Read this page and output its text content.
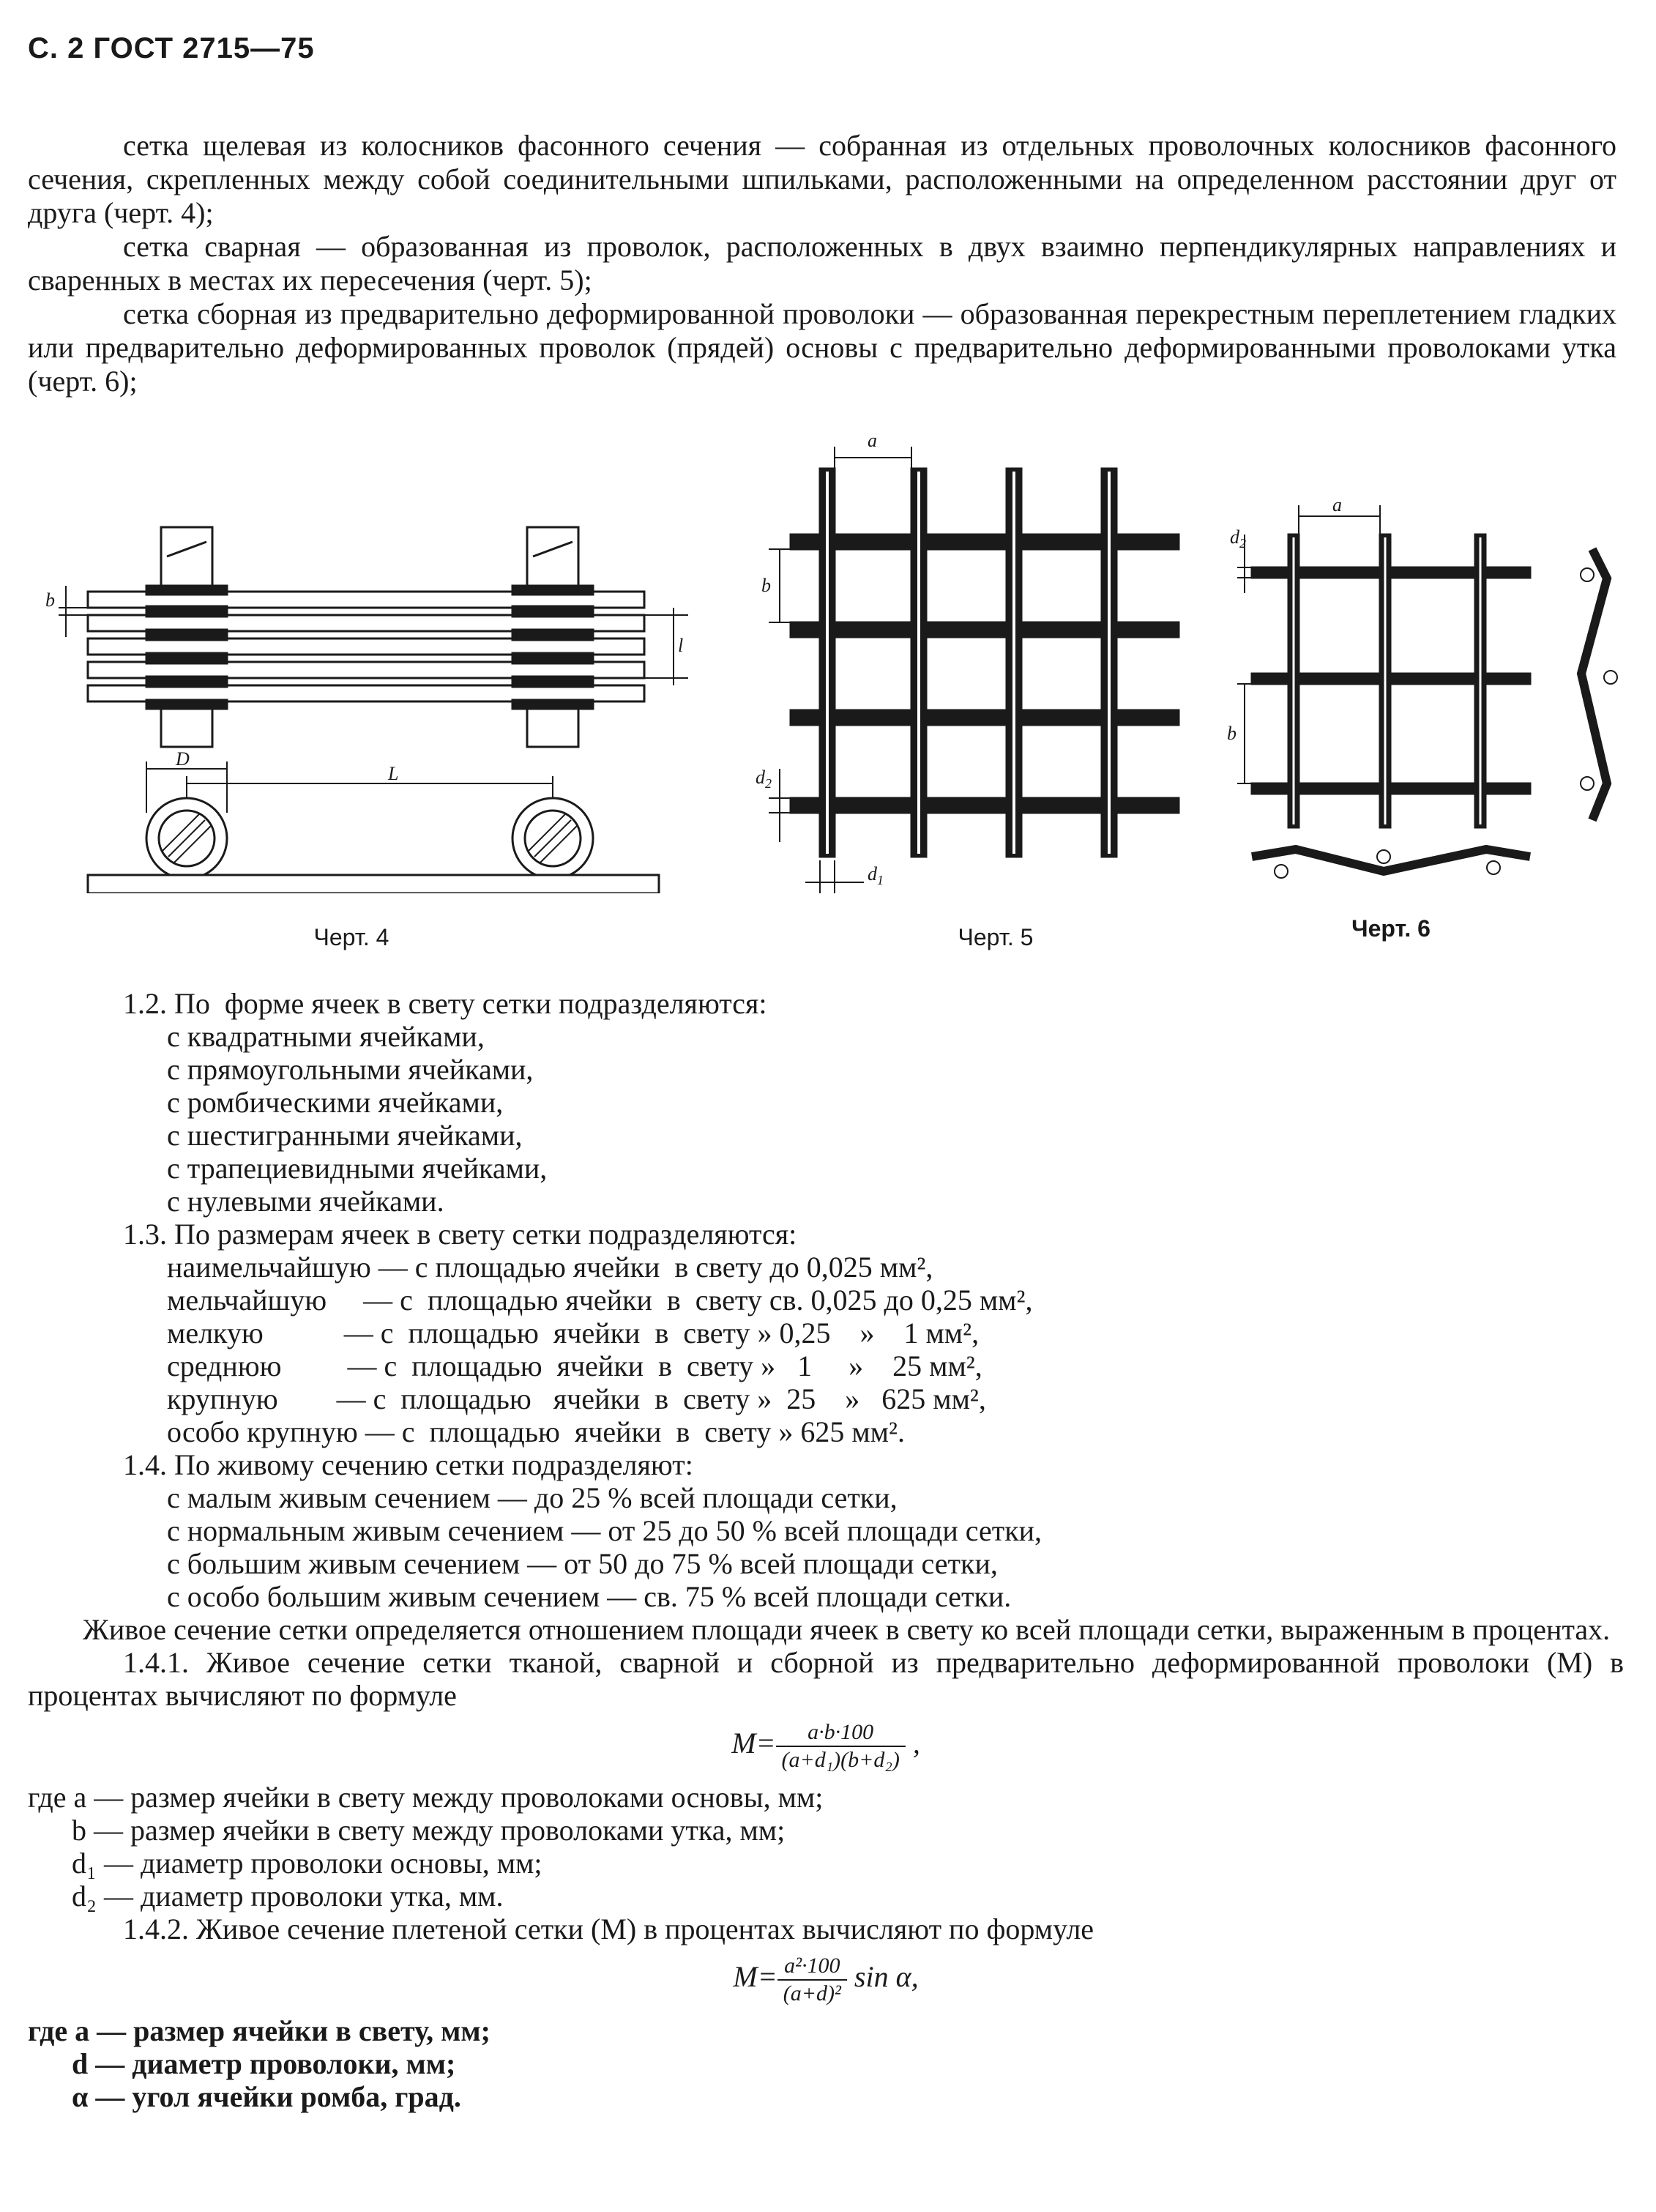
С. 2 ГОСТ 2715—75

сетка щелевая из колосников фасонного сечения — собранная из отдельных проволочных колосников фасонного сечения, скрепленных между собой соединительными шпильками, расположенными на определенном расстоянии друг от друга (черт. 4);

сетка сварная — образованная из проволок, расположенных в двух взаимно перпендикулярных направлениях и сваренных в местах их пересечения (черт. 5);

сетка сборная из предварительно деформированной проволоки — образованная перекрестным переплетением гладких или предварительно деформированных проволок (прядей) основы с предварительно деформированными проволоками утка (черт. 6);

b
l
D
L
Черт. 4
a
b
$d_2$
$d_1$
Черт. 5
a
$d_2$
b
Черт. 6
1.2. По  форме ячеек в свету сетки подразделяются:
с квадратными ячейками,
с прямоугольными ячейками,
с ромбическими ячейками,
с шестигранными ячейками,
с трапециевидными ячейками,
с нулевыми ячейками.
1.3. По размерам ячеек в свету сетки подразделяются:
наимельчайшую — с площадью ячейки  в свету до 0,025 мм²,
мельчайшую     — с  площадью ячейки  в  свету св. 0,025 до 0,25 мм²,
мелкую           — с  площадью  ячейки  в  свету » 0,25    »    1 мм²,
среднюю         — с  площадью  ячейки  в  свету »   1     »    25 мм²,
крупную        — с  площадью   ячейки  в  свету »  25    »   625 мм²,
особо крупную — с  площадью  ячейки  в  свету » 625 мм².
1.4. По живому сечению сетки подразделяют:
с малым живым сечением — до 25 % всей площади сетки,
с нормальным живым сечением — от 25 до 50 % всей площади сетки,
с большим живым сечением — от 50 до 75 % всей площади сетки,
с особо большим живым сечением — св. 75 % всей площади сетки.

Живое сечение сетки определяется отношением площади ячеек в свету ко всей площади сетки, выраженным в процентах.

1.4.1. Живое сечение сетки тканой, сварной и сборной из предварительно деформированной проволоки (M) в процентах вычисляют по формуле

$M= \frac{a\cdot b\cdot 100}{\text{(a+d₁)(b+d₂)}}$ ,
где a — размер ячейки в свету между проволоками основы, мм;
b — размер ячейки в свету между проволоками утка, мм;
d₁ — диаметр проволоки основы, мм;
d₂ — диаметр проволоки утка, мм.

1.4.2. Живое сечение плетеной сетки (M) в процентах вычисляют по формуле

$M= \frac{\text{a²·100}}{\text{(a+d)²}}$ sin α,
где a — размер ячейки в свету, мм;
d — диаметр проволоки, мм;
α — угол ячейки ромба, град.
